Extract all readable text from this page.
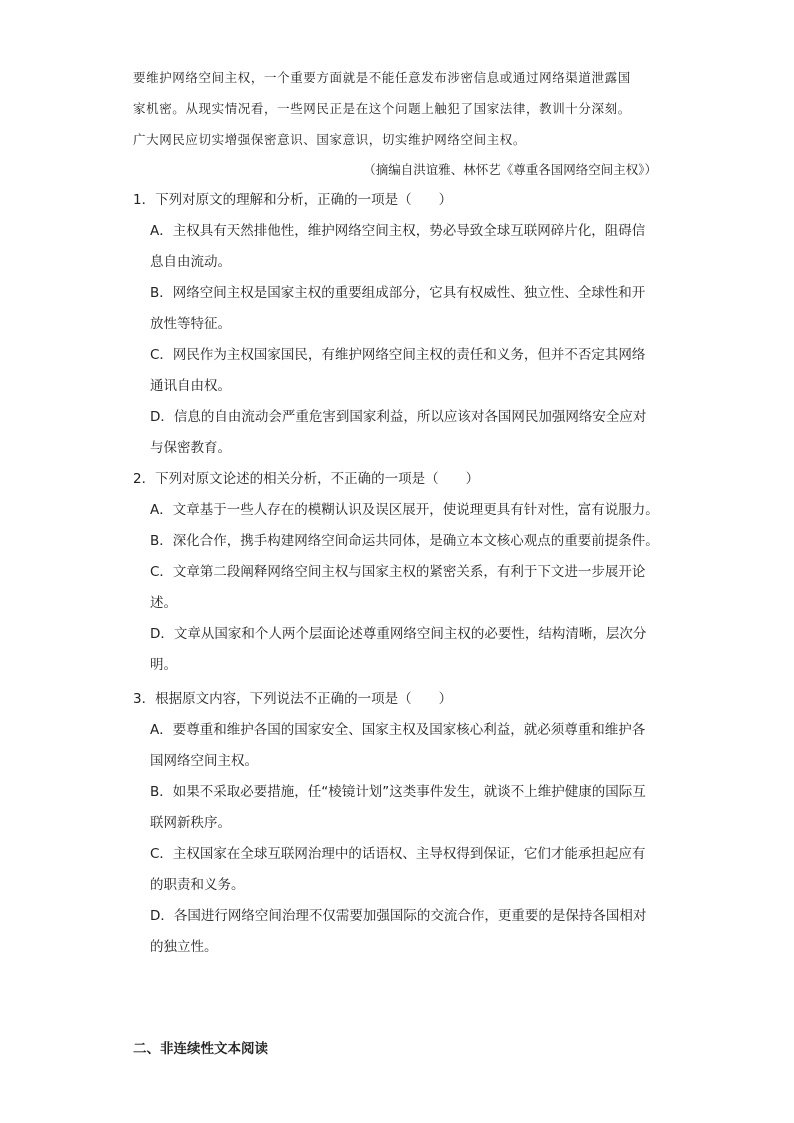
要维护网络空间主权，一个重要方面就是不能任意发布涉密信息或通过网络渠道泄露国

家机密。从现实情况看，一些网民正是在这个问题上触犯了国家法律，教训十分深刻。

广大网民应切实增强保密意识、国家意识，切实维护网络空间主权。

（摘编自洪谊雅、林怀艺《尊重各国网络空间主权》）

1．下列对原文的理解和分析，正确的一项是（　　）

A．主权具有天然排他性，维护网络空间主权，势必导致全球互联网碎片化，阻碍信

息自由流动。

B．网络空间主权是国家主权的重要组成部分，它具有权威性、独立性、全球性和开

放性等特征。

C．网民作为主权国家国民，有维护网络空间主权的责任和义务，但并不否定其网络

通讯自由权。

D．信息的自由流动会严重危害到国家利益，所以应该对各国网民加强网络安全应对

与保密教育。

2．下列对原文论述的相关分析，不正确的一项是（　　）

A．文章基于一些人存在的模糊认识及误区展开，使说理更具有针对性，富有说服力。

B．深化合作，携手构建网络空间命运共同体，是确立本文核心观点的重要前提条件。

C．文章第二段阐释网络空间主权与国家主权的紧密关系，有利于下文进一步展开论

述。

D．文章从国家和个人两个层面论述尊重网络空间主权的必要性，结构清晰，层次分

明。

3．根据原文内容，下列说法不正确的一项是（　　）

A．要尊重和维护各国的国家安全、国家主权及国家核心利益，就必须尊重和维护各

国网络空间主权。

B．如果不采取必要措施，任“棱镜计划”这类事件发生，就谈不上维护健康的国际互

联网新秩序。

C．主权国家在全球互联网治理中的话语权、主导权得到保证，它们才能承担起应有

的职责和义务。

D．各国进行网络空间治理不仅需要加强国际的交流合作，更重要的是保持各国相对

的独立性。

二、非连续性文本阅读
